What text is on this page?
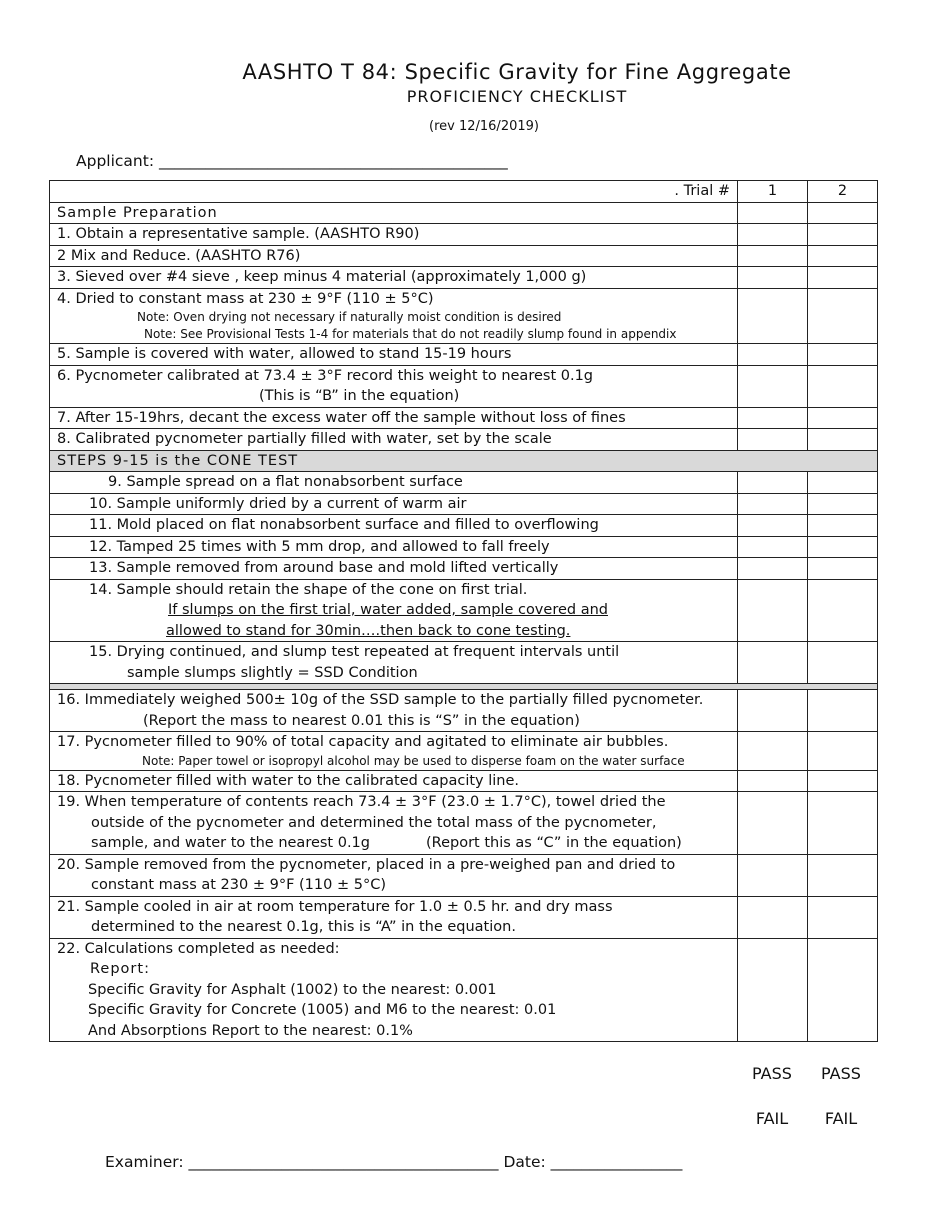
AASHTO T 84: Specific Gravity for Fine Aggregate
PROFICIENCY CHECKLIST
(rev 12/16/2019)
Applicant: _____________________________________________
. Trial #	1	2
Sample Preparation		
1. Obtain a representative sample. (AASHTO R90)		
2 Mix and Reduce. (AASHTO R76)		
3. Sieved over #4 sieve , keep minus 4 material (approximately 1,000 g)		
4. Dried to constant mass at 230 ± 9°F (110 ± 5°C)
Note: Oven drying not necessary if naturally moist condition is desired
Note: See Provisional Tests 1-4 for materials that do not readily slump found in appendix		

5. Sample is covered with water, allowed to stand 15-19 hours		
6. Pycnometer calibrated at 73.4 ± 3°F record this weight to nearest 0.1g
(This is “B” in the equation)		

7. After 15-19hrs, decant the excess water off the sample without loss of fines		
8. Calibrated pycnometer partially filled with water, set by the scale		
STEPS 9-15 is the CONE TEST		
9. Sample spread on a flat nonabsorbent surface		
10. Sample uniformly dried by a current of warm air		
11. Mold placed on flat nonabsorbent surface and filled to overflowing		
12. Tamped 25 times with 5 mm drop, and allowed to fall freely		
13. Sample removed from around base and mold lifted vertically		
14. Sample should retain the shape of the cone on first trial.
If slumps on the first trial, water added, sample covered and
allowed to stand for 30min….then back to cone testing.		

15. Drying continued, and slump test repeated at frequent intervals until
sample slumps slightly = SSD Condition		

16. Immediately weighed 500± 10g of the SSD sample to the partially filled pycnometer.
(Report the mass to nearest 0.01 this is “S” in the equation)		

17. Pycnometer filled to 90% of total capacity and agitated to eliminate air bubbles.
Note: Paper towel or isopropyl alcohol may be used to disperse foam on the water surface		

18. Pycnometer filled with water to the calibrated capacity line.		
19. When temperature of contents reach 73.4 ± 3°F (23.0 ± 1.7°C), towel dried the
outside of the pycnometer and determined the total mass of the pycnometer,
sample, and water to the nearest 0.1g (Report this as “C” in the equation)		

20. Sample removed from the pycnometer, placed in a pre-weighed pan and dried to
constant mass at 230 ± 9°F (110 ± 5°C)		

21. Sample cooled in air at room temperature for 1.0 ± 0.5 hr. and dry mass
determined to the nearest 0.1g, this is “A” in the equation.		

22. Calculations completed as needed:
Report:
Specific Gravity for Asphalt (1002) to the nearest: 0.001
Specific Gravity for Concrete (1005) and M6 to the nearest: 0.01
And Absorptions Report to the nearest: 0.1%		

PASS	PASS
FAIL	FAIL
Examiner: ________________________________________ Date: _________________
